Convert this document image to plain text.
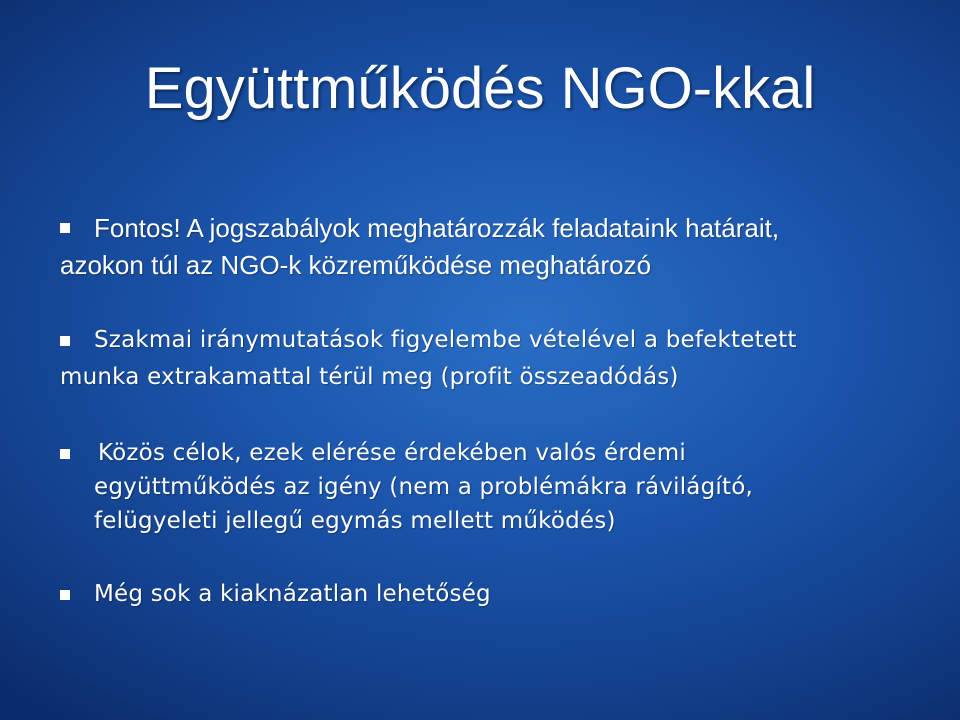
Együttműködés NGO-kkal
Fontos! A jogszabályok meghatározzák feladataink határait,
azokon túl az NGO-k közreműködése meghatározó
Szakmai iránymutatások figyelembe vételével a befektetett
munka extrakamattal térül meg (profit összeadódás)
Közös célok, ezek elérése érdekében valós érdemi
együttműködés az igény (nem a problémákra rávilágító,
felügyeleti jellegű egymás mellett működés)
Még sok a kiaknázatlan lehetőség
